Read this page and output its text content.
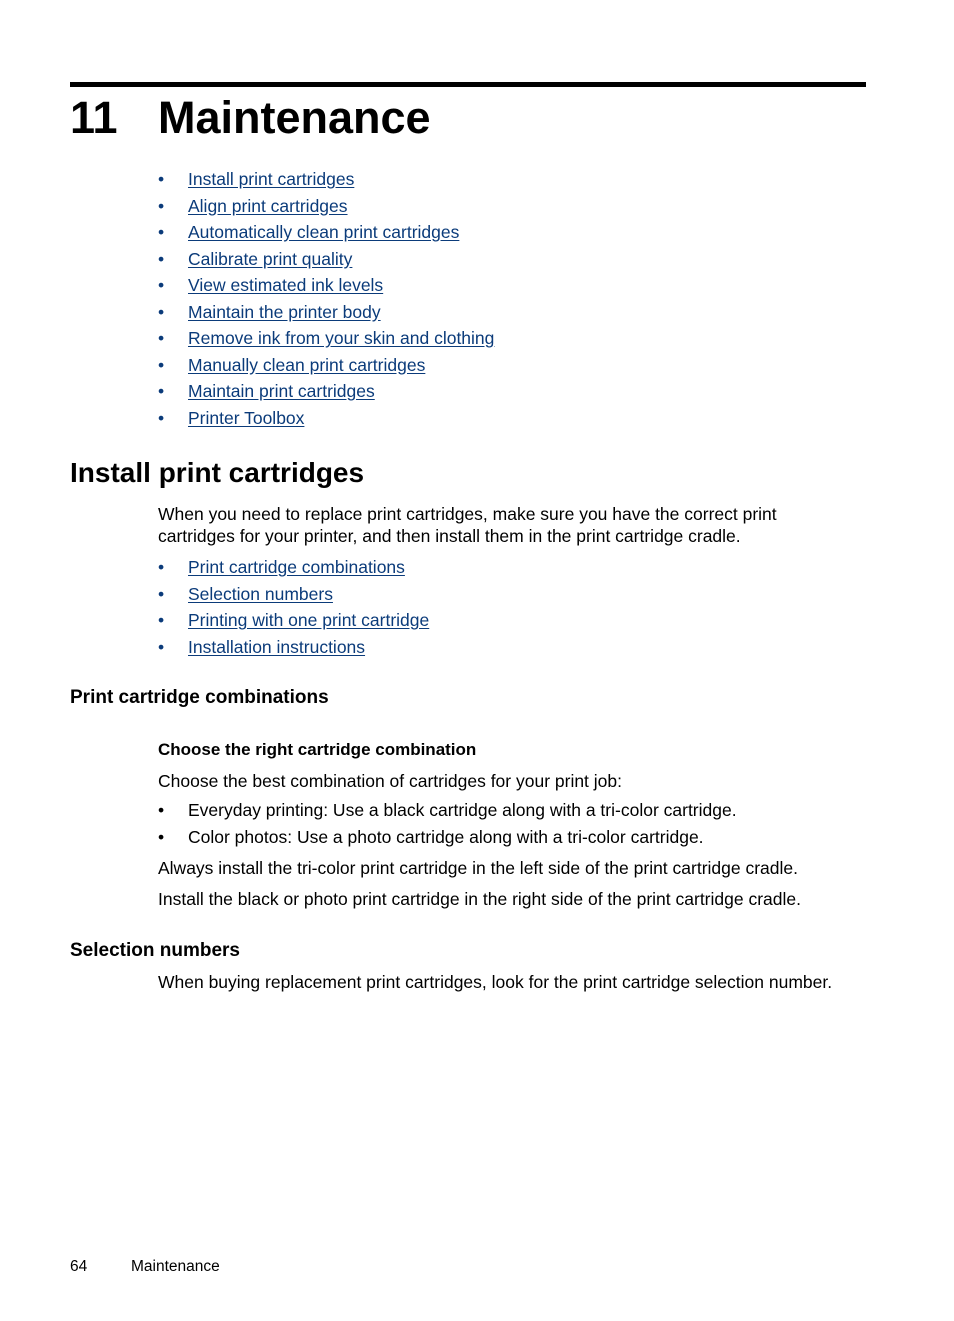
11 Maintenance
• Install print cartridges
• Align print cartridges
• Automatically clean print cartridges
• Calibrate print quality
• View estimated ink levels
• Maintain the printer body
• Remove ink from your skin and clothing
• Manually clean print cartridges
• Maintain print cartridges
• Printer Toolbox
Install print cartridges

When you need to replace print cartridges, make sure you have the correct print

cartridges for your printer, and then install them in the print cartridge cradle.

• Print cartridge combinations
• Selection numbers
• Printing with one print cartridge
• Installation instructions
Print cartridge combinations
Choose the right cartridge combination

Choose the best combination of cartridges for your print job:

• Everyday printing: Use a black cartridge along with a tri-color cartridge.
• Color photos: Use a photo cartridge along with a tri-color cartridge.

Always install the tri-color print cartridge in the left side of the print cartridge cradle.

Install the black or photo print cartridge in the right side of the print cartridge cradle.

Selection numbers

When buying replacement print cartridges, look for the print cartridge selection number.

64	Maintenance
